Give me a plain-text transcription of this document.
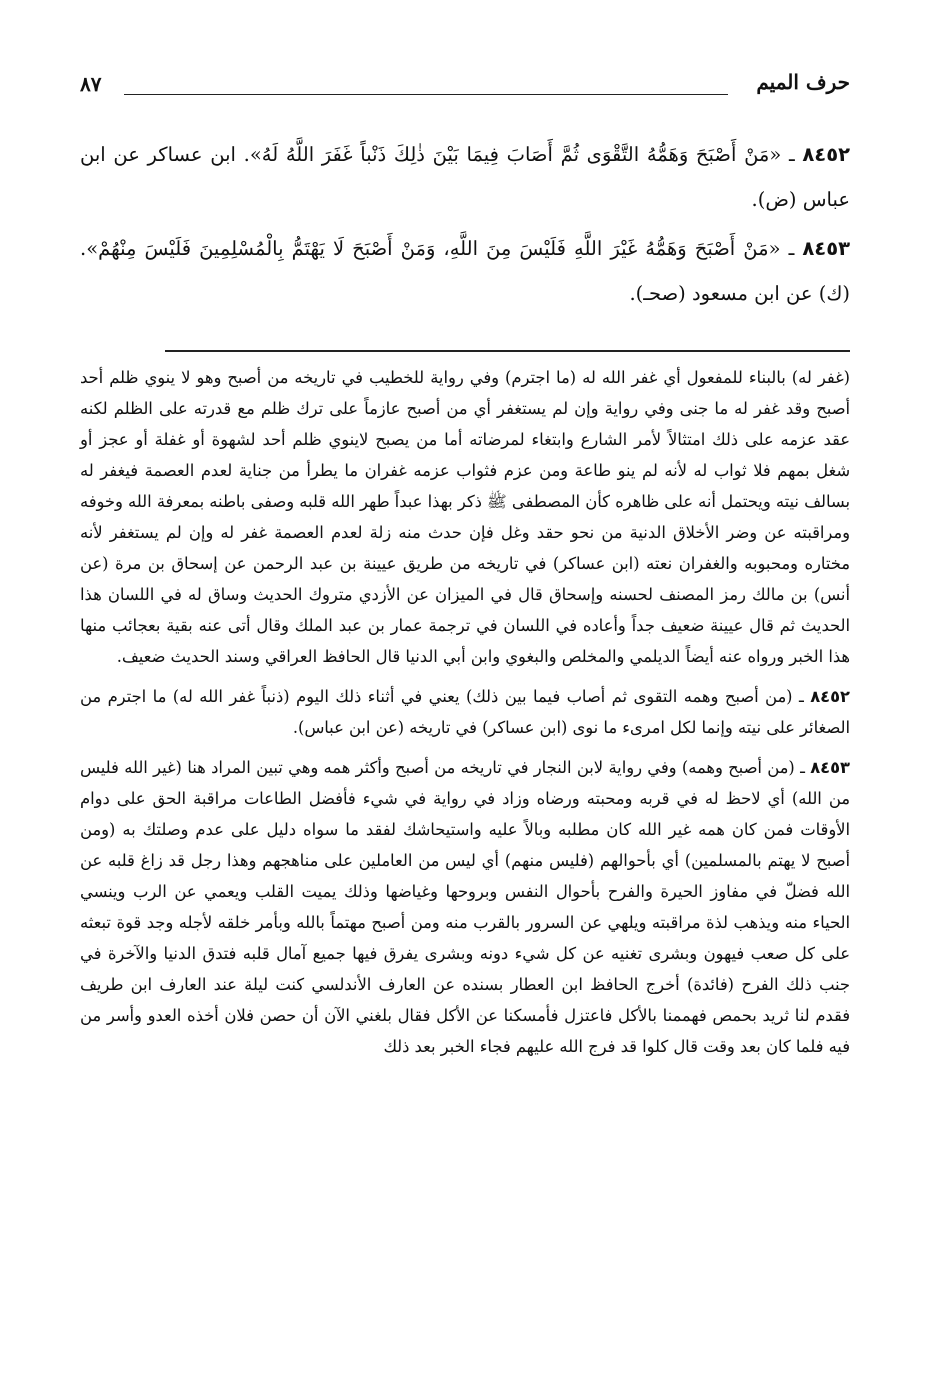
حرف الميم
٨٧

٨٤٥٢ ـ «مَنْ أَصْبَحَ وَهَمُّهُ التَّقْوَى ثُمَّ أَصَابَ فِيمَا بَيْنَ ذٰلِكَ ذَنْباً غَفَرَ اللَّهُ لَهُ». ابن عساكر عن ابن عباس (ض).

٨٤٥٣ ـ «مَنْ أَصْبَحَ وَهَمُّهُ غَيْرَ اللَّهِ فَلَيْسَ مِنَ اللَّهِ، وَمَنْ أَصْبَحَ لَا يَهْتَمُّ بِالْمُسْلِمِينَ فَلَيْسَ مِنْهُمْ». (ك) عن ابن مسعود (صحـ).

(غفر له) بالبناء للمفعول أي غفر الله له (ما اجترم) وفي رواية للخطيب في تاريخه من أصبح وهو لا ينوي ظلم أحد أصبح وقد غفر له ما جنى وفي رواية وإن لم يستغفر أي من أصبح عازماً على ترك ظلم مع قدرته على الظلم لكنه عقد عزمه على ذلك امتثالاً لأمر الشارع وابتغاء لمرضاته أما من يصبح لاينوي ظلم أحد لشهوة أو غفلة أو عجز أو شغل بمهم فلا ثواب له لأنه لم ينو طاعة ومن عزم فثواب عزمه غفران ما يطرأ من جناية لعدم العصمة فيغفر له بسالف نيته ويحتمل أنه على ظاهره كأن المصطفى ﷺ ذكر بهذا عبداً طهر الله قلبه وصفى باطنه بمعرفة الله وخوفه ومراقبته عن وضر الأخلاق الدنية من نحو حقد وغل فإن حدث منه زلة لعدم العصمة غفر له وإن لم يستغفر لأنه مختاره ومحبوبه والغفران نعته (ابن عساكر) في تاريخه من طريق عيينة بن عبد الرحمن عن إسحاق بن مرة (عن أنس) بن مالك رمز المصنف لحسنه وإسحاق قال في الميزان عن الأزدي متروك الحديث وساق له في اللسان هذا الحديث ثم قال عيينة ضعيف جداً وأعاده في اللسان في ترجمة عمار بن عبد الملك وقال أتى عنه بقية بعجائب منها هذا الخبر ورواه عنه أيضاً الديلمي والمخلص والبغوي وابن أبي الدنيا قال الحافظ العراقي وسند الحديث ضعيف.

٨٤٥٢ ـ (من أصبح وهمه التقوى ثم أصاب فيما بين ذلك) يعني في أثناء ذلك اليوم (ذنباً غفر الله له) ما اجترم من الصغائر على نيته وإنما لكل امرىء ما نوى (ابن عساكر) في تاريخه (عن ابن عباس).

٨٤٥٣ ـ (من أصبح وهمه) وفي رواية لابن النجار في تاريخه من أصبح وأكثر همه وهي تبين المراد هنا (غير الله فليس من الله) أي لاحظ له في قربه ومحبته ورضاه وزاد في رواية في شيء فأفضل الطاعات مراقبة الحق على دوام الأوقات فمن كان همه غير الله كان مطلبه وبالاً عليه واستيحاشك لفقد ما سواه دليل على عدم وصلتك به (ومن أصبح لا يهتم بالمسلمين) أي بأحوالهم (فليس منهم) أي ليس من العاملين على مناهجهم وهذا رجل قد زاغ قلبه عن الله فضلّ في مفاوز الحيرة والفرح بأحوال النفس وبروحها وغياضها وذلك يميت القلب ويعمي عن الرب وينسي الحياء منه ويذهب لذة مراقبته ويلهي عن السرور بالقرب منه ومن أصبح مهتماً بالله وبأمر خلقه لأجله وجد قوة تبعثه على كل صعب فيهون وبشرى تغنيه عن كل شيء دونه وبشرى يفرق فيها جميع آمال قلبه فتدق الدنيا والآخرة في جنب ذلك الفرح (فائدة) أخرج الحافظ ابن العطار بسنده عن العارف الأندلسي كنت ليلة عند العارف ابن طريف فقدم لنا ثريد بحمص فهممنا بالأكل فاعتزل فأمسكنا عن الأكل فقال بلغني الآن أن حصن فلان أخذه العدو وأسر من فيه فلما كان بعد وقت قال كلوا قد فرج الله عليهم فجاء الخبر بعد ذلك
